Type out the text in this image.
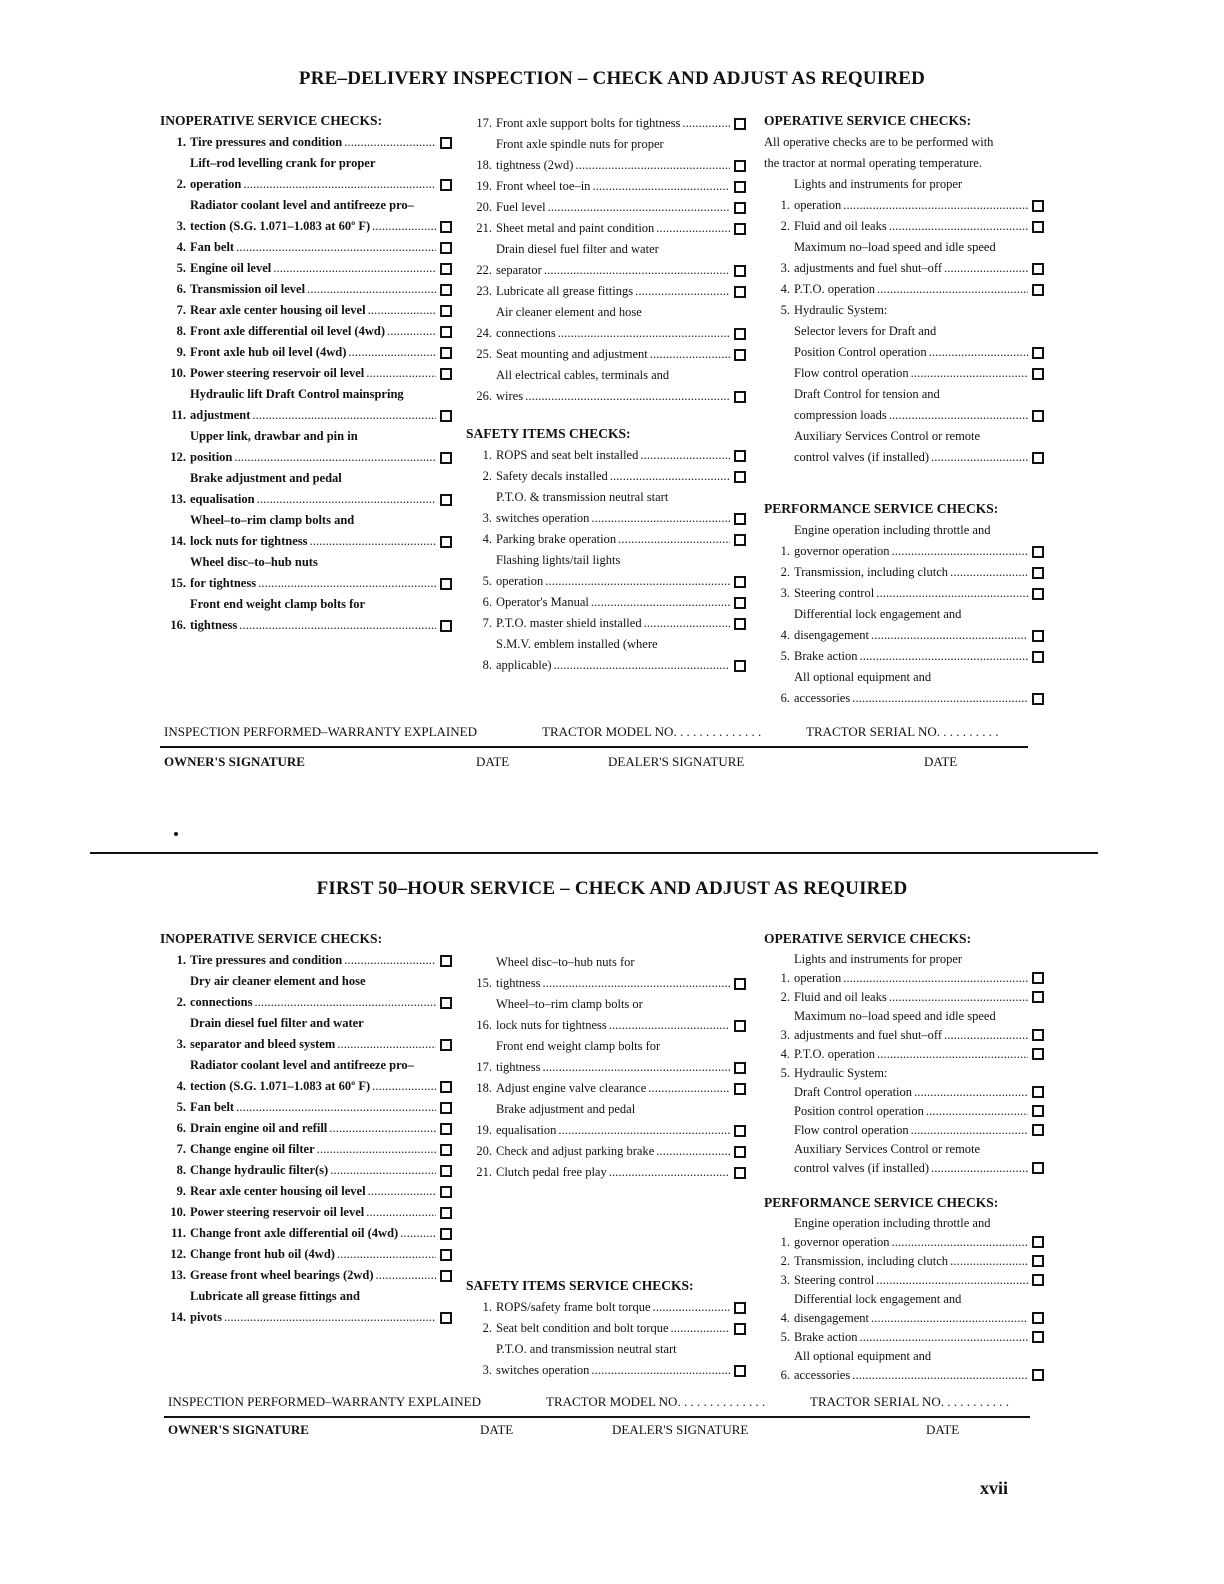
PRE–DELIVERY INSPECTION – CHECK AND ADJUST AS REQUIRED
INOPERATIVE SERVICE CHECKS:
1. Tire pressures and condition
. . .
2.
Lift–rod levelling crank for proper
operation
. . .
3.
Radiator coolant level and antifreeze pro–
tection (S.G. 1.071–1.083 at 60º F)
. . .
4. Fan belt
. . .
5. Engine oil level
. . .
6. Transmission oil level
. . .
7. Rear axle center housing oil level
. . .
8. Front axle differential oil level (4wd)
. . .
9. Front axle hub oil level (4wd)
. . .
10. Power steering reservoir oil level
. . .
11.
Hydraulic lift Draft Control mainspring
adjustment
. . .
12.
Upper link, drawbar and pin in
position
. . .
13.
Brake adjustment and pedal
equalisation
. . .
14.
Wheel–to–rim clamp bolts and
lock nuts for tightness
. . .
15.
Wheel disc–to–hub nuts
for tightness
. . .
16.
Front end weight clamp bolts for
tightness
. . .
17. Front axle support bolts for tightness
. . .
18.
Front axle spindle nuts for proper
tightness (2wd)
. . .
19. Front wheel toe–in
. . .
20. Fuel level
. . .
21. Sheet metal and paint condition
. . .
22.
Drain diesel fuel filter and water
separator
. . .
23. Lubricate all grease fittings
. . .
24.
Air cleaner element and hose
connections
. . .
25. Seat mounting and adjustment
. . .
26.
All electrical cables, terminals and
wires
. . .
SAFETY ITEMS CHECKS:
1. ROPS and seat belt installed
. . .
2. Safety decals installed
. . .
3.
P.T.O. & transmission neutral start
switches operation
. . .
4. Parking brake operation
. . .
5.
Flashing lights/tail lights
operation
. . .
6. Operator's Manual
. . .
7. P.T.O. master shield installed
. . .
8.
S.M.V. emblem installed (where
applicable)
. . .
OPERATIVE SERVICE CHECKS:
All operative checks are to be performed with
the tractor at normal operating temperature.
1.
Lights and instruments for proper
operation
. . .
2. Fluid and oil leaks
. . .
3.
Maximum no–load speed and idle speed
adjustments and fuel shut–off
. . .
4. P.T.O. operation
. . .
5. Hydraulic System:
Selector levers for Draft and
Position Control operation
. . .
Flow control operation
. . .
Draft Control for tension and
compression loads
. . .
Auxiliary Services Control or remote
control valves (if installed)
. . .
PERFORMANCE SERVICE CHECKS:
1.
Engine operation including throttle and
governor operation
. . .
2. Transmission, including clutch
. . .
3. Steering control
. . .
4.
Differential lock engagement and
disengagement
. . .
5. Brake action
. . .
6.
All optional equipment and
accessories
. . .
INSPECTION PERFORMED–WARRANTY EXPLAINED	TRACTOR MODEL NO. . . . . . . . . . . . . .	TRACTOR SERIAL NO. . . . . . . . . .
OWNER'S SIGNATURE	DATE	DEALER'S SIGNATURE	DATE
FIRST 50–HOUR SERVICE – CHECK AND ADJUST AS REQUIRED
INOPERATIVE SERVICE CHECKS:
1. Tire pressures and condition
. . .
2.
Dry air cleaner element and hose
connections
. . .
3.
Drain diesel fuel filter and water
separator and bleed system
. . .
4.
Radiator coolant level and antifreeze pro–
tection (S.G. 1.071–1.083 at 60º F)
. . .
5. Fan belt
. . .
6. Drain engine oil and refill
. . .
7. Change engine oil filter
. . .
8. Change hydraulic filter(s)
. . .
9. Rear axle center housing oil level
. . .
10. Power steering reservoir oil level
. . .
11. Change front axle differential oil (4wd)
. . .
12. Change front hub oil (4wd)
. . .
13. Grease front wheel bearings (2wd)
. . .
14.
Lubricate all grease fittings and
pivots
. . .
15.
Wheel disc–to–hub nuts for
tightness
. . .
16.
Wheel–to–rim clamp bolts or
lock nuts for tightness
. . .
17.
Front end weight clamp bolts for
tightness
. . .
18. Adjust engine valve clearance
. . .
19.
Brake adjustment and pedal
equalisation
. . .
20. Check and adjust parking brake
. . .
21. Clutch pedal free play
. . .
SAFETY ITEMS SERVICE CHECKS:
1. ROPS/safety frame bolt torque
. . .
2. Seat belt condition and bolt torque
. . .
3.
P.T.O. and transmission neutral start
switches operation
. . .
OPERATIVE SERVICE CHECKS:
1.
Lights and instruments for proper
operation
. . .
2. Fluid and oil leaks
. . .
3.
Maximum no–load speed and idle speed
adjustments and fuel shut–off
. . .
4. P.T.O. operation
. . .
5. Hydraulic System:
Draft Control operation
. . .
Position control operation
. . .
Flow control operation
. . .
Auxiliary Services Control or remote
control valves (if installed)
. . .
PERFORMANCE SERVICE CHECKS:
1.
Engine operation including throttle and
governor operation
. . .
2. Transmission, including clutch
. . .
3. Steering control
. . .
4.
Differential lock engagement and
disengagement
. . .
5. Brake action
. . .
6.
All optional equipment and
accessories
. . .
INSPECTION PERFORMED–WARRANTY EXPLAINED	TRACTOR MODEL NO. . . . . . . . . . . . . .	TRACTOR SERIAL NO. . . . . . . . . . .
OWNER'S SIGNATURE	DATE	DEALER'S SIGNATURE	DATE
xvii
